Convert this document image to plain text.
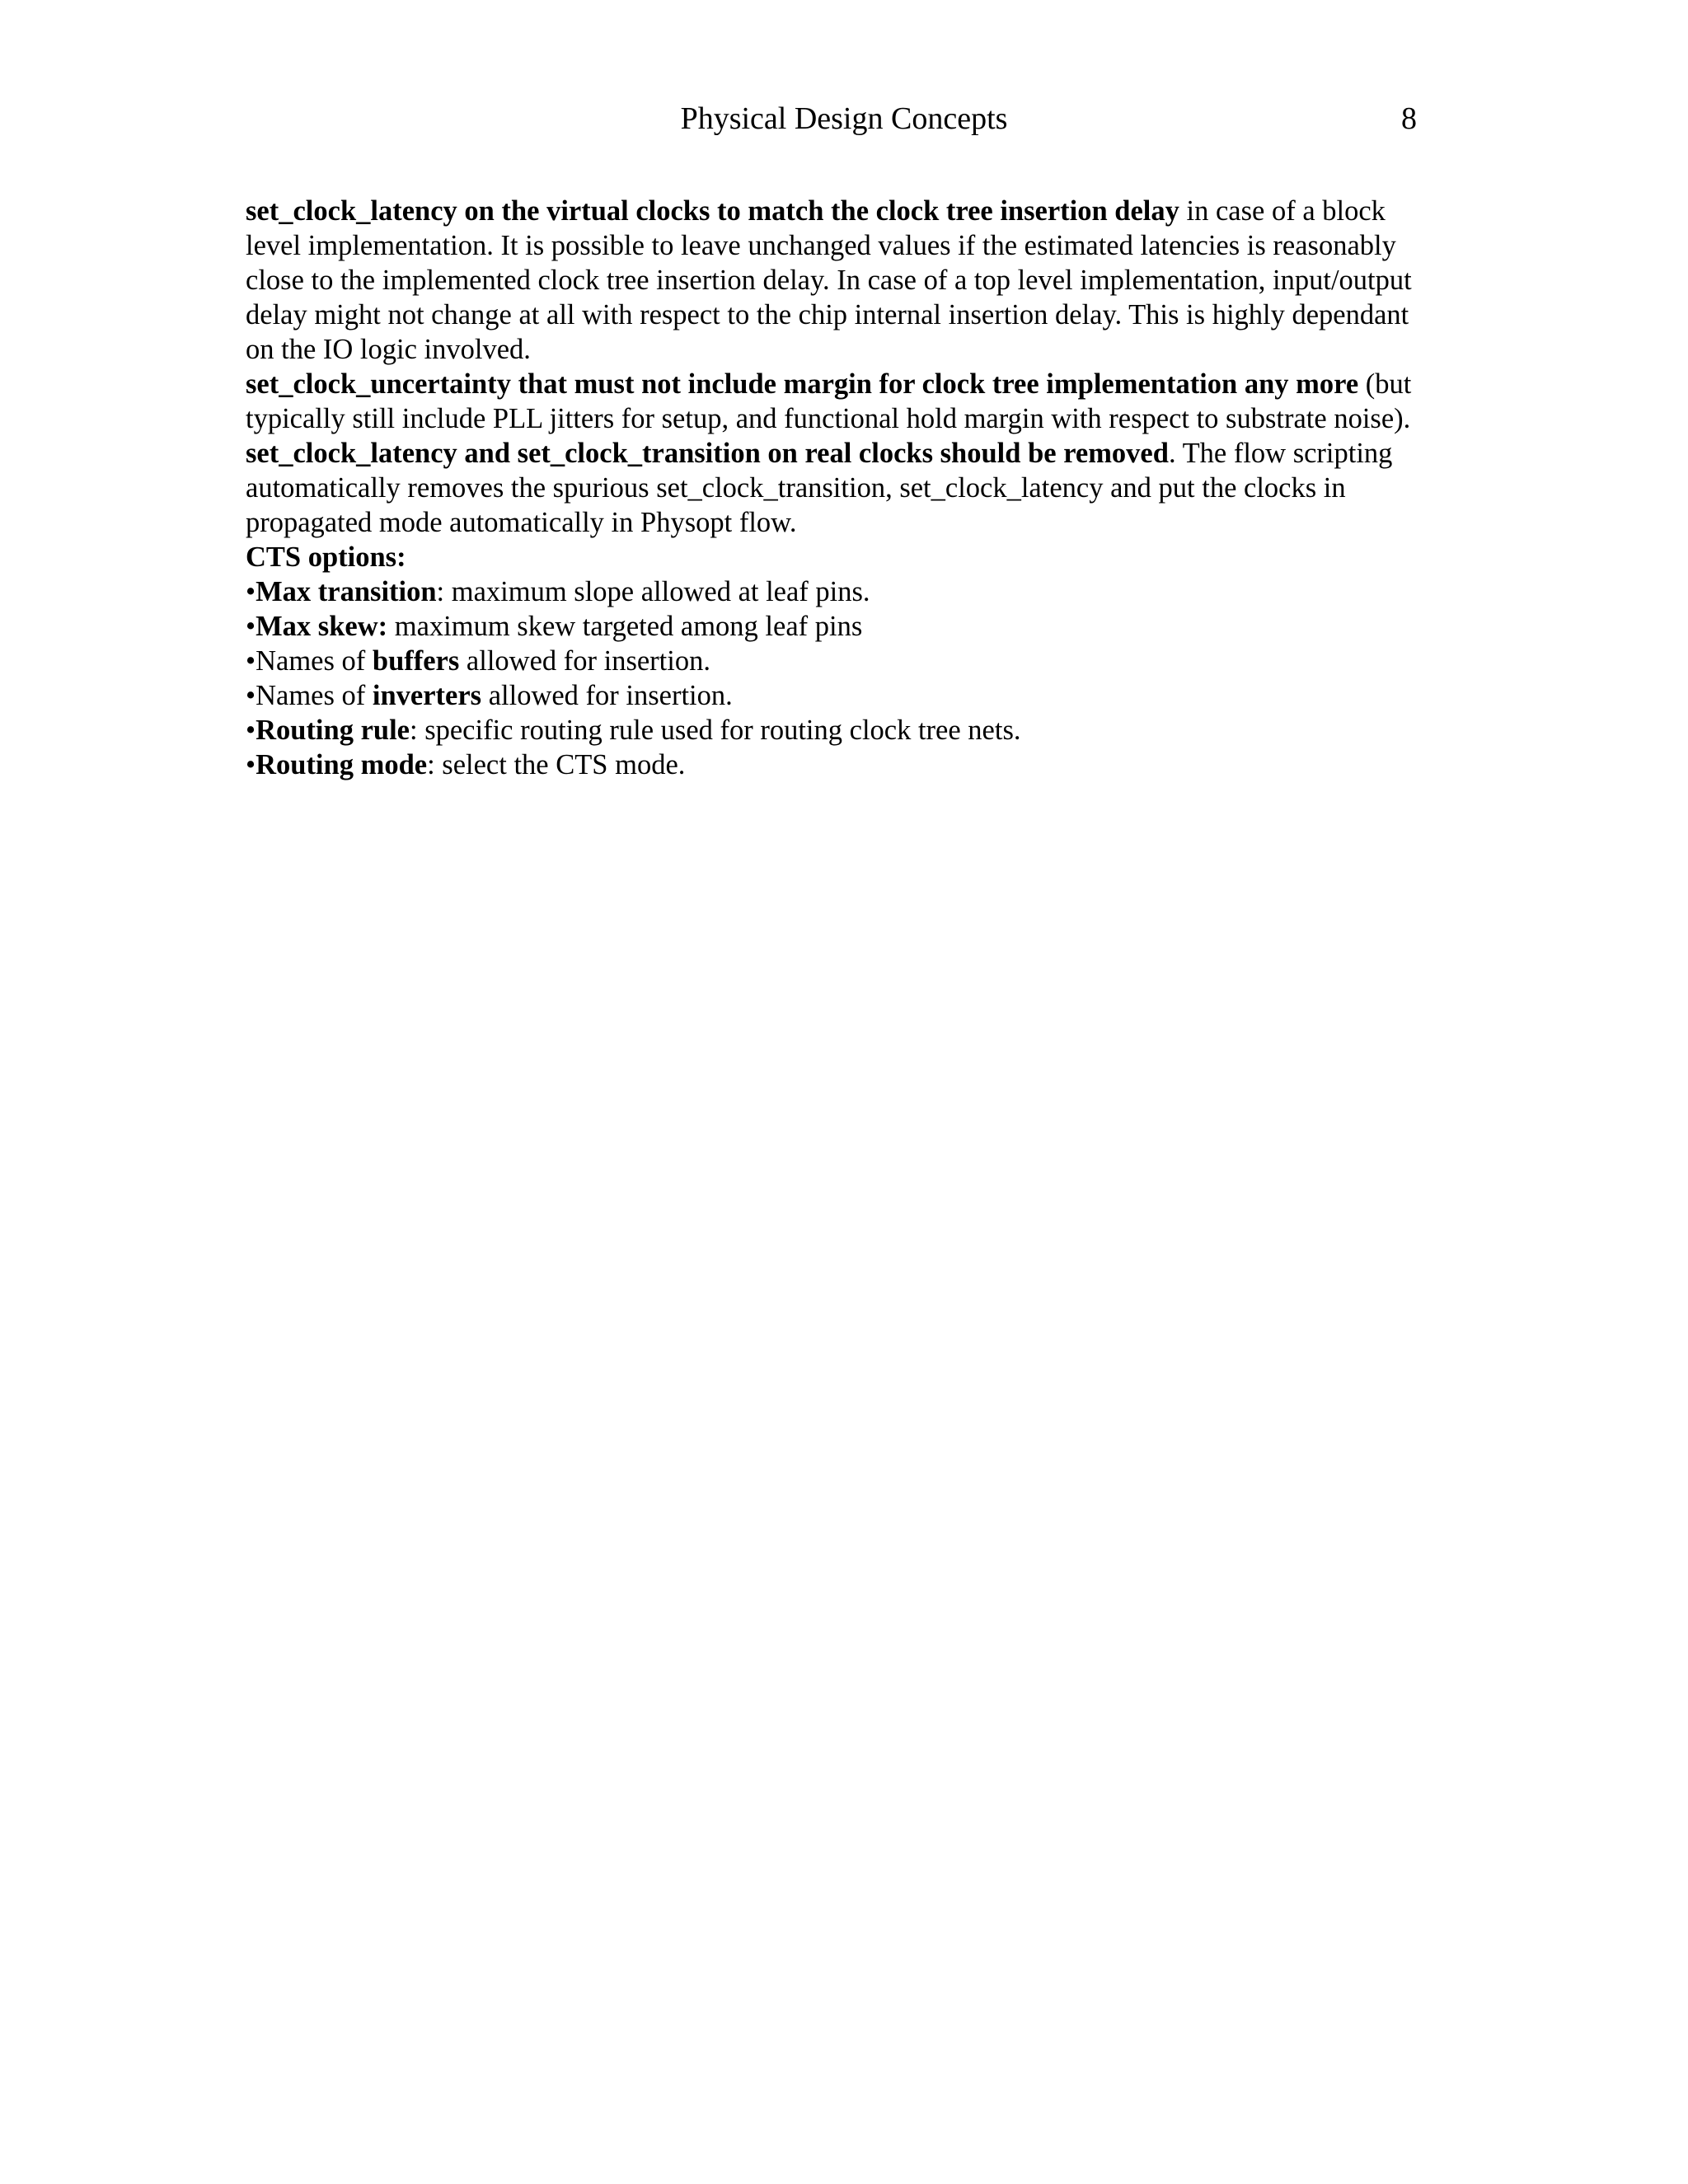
Physical Design Concepts	8

set_clock_latency on the virtual clocks to match the clock tree insertion delay in case of a block level implementation. It is possible to leave unchanged values if the estimated latencies is reasonably close to the implemented clock tree insertion delay. In case of a top level implementation, input/output delay might not change at all with respect to the chip internal insertion delay. This is highly dependant on the IO logic involved.

set_clock_uncertainty that must not include margin for clock tree implementation any more (but typically still include PLL jitters for setup, and functional hold margin with respect to substrate noise).

set_clock_latency and set_clock_transition on real clocks should be removed. The flow scripting automatically removes the spurious set_clock_transition, set_clock_latency and put the clocks in propagated mode automatically in Physopt flow.

CTS options:

•Max transition: maximum slope allowed at leaf pins.
•Max skew: maximum skew targeted among leaf pins
•Names of buffers allowed for insertion.
•Names of inverters allowed for insertion.
•Routing rule: specific routing rule used for routing clock tree nets.
•Routing mode: select the CTS mode.
